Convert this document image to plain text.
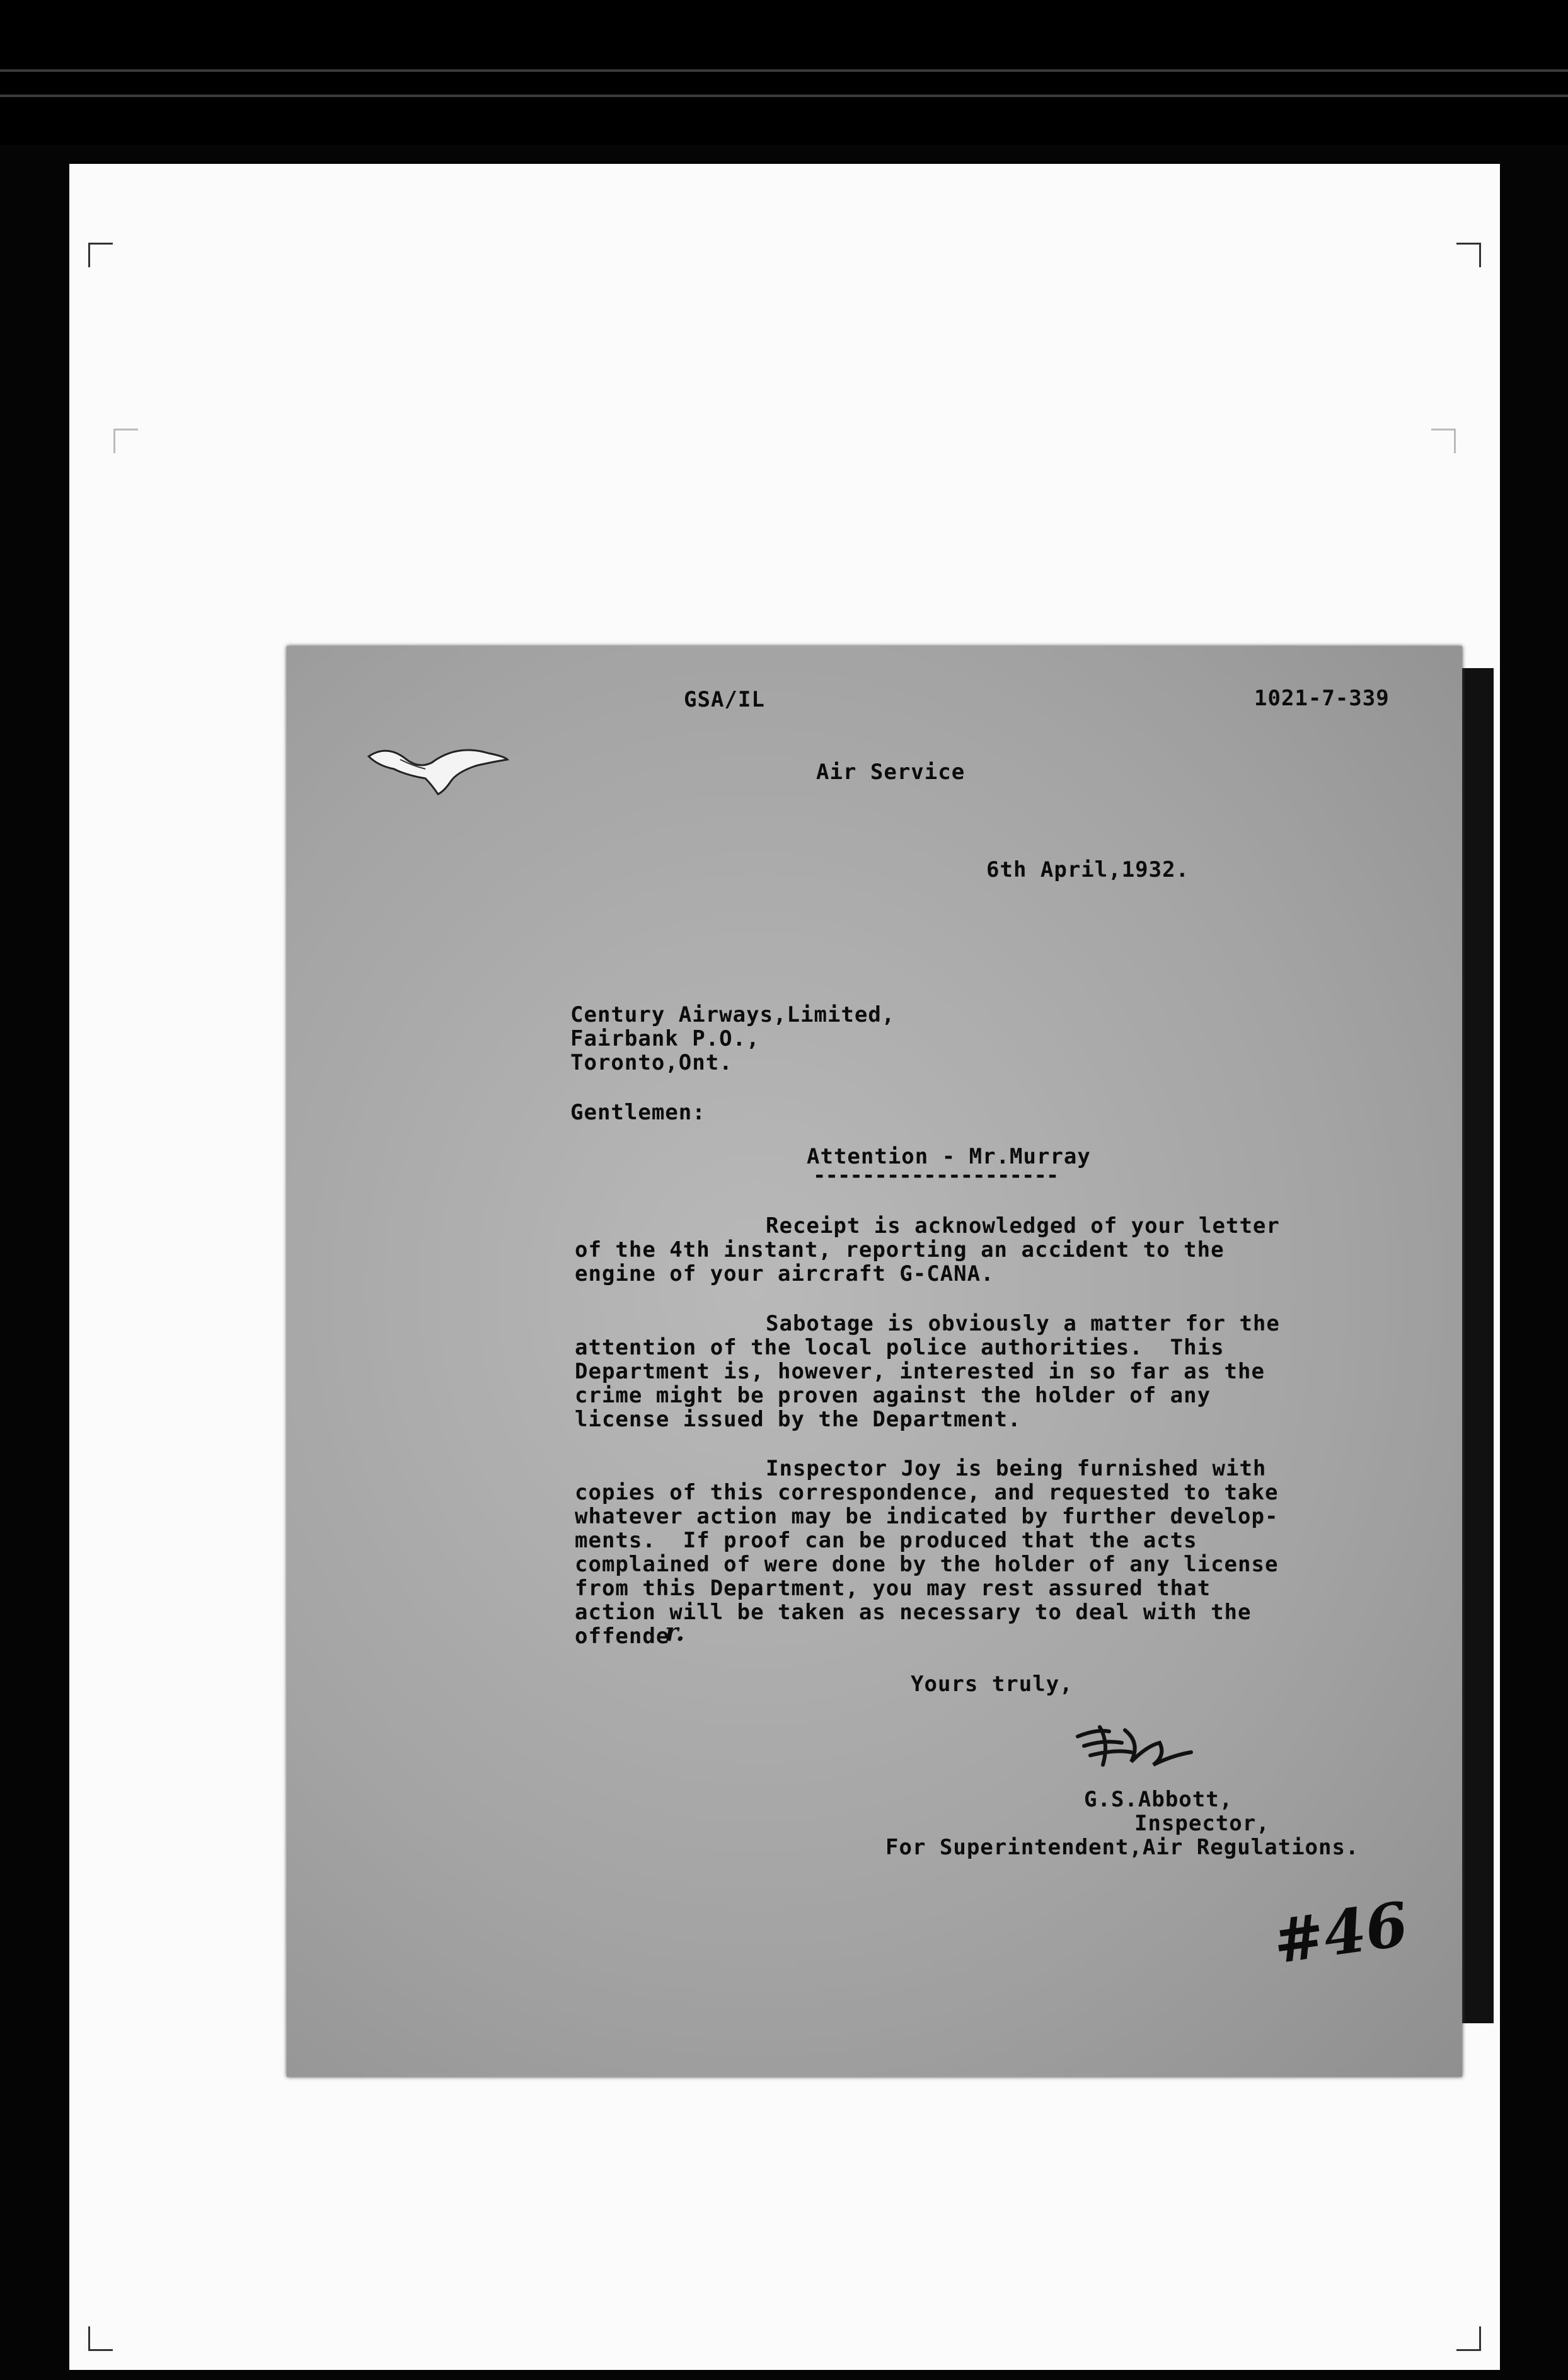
GSA/IL	1021-7-339
Air Service
6th April,1932.
Century Airways,Limited,
Fairbank P.O.,
Toronto,Ont.
Gentlemen:
Attention - Mr.Murray
--------------------
Receipt is acknowledged of your letter
of the 4th instant, reporting an accident to the
engine of your aircraft G-CANA.
Sabotage is obviously a matter for the
attention of the local police authorities.  This
Department is, however, interested in so far as the
crime might be proven against the holder of any
license issued by the Department.
Inspector Joy is being furnished with
copies of this correspondence, and requested to take
whatever action may be indicated by further develop-
ments.  If proof can be produced that the acts
complained of were done by the holder of any license
from this Department, you may rest assured that
action will be taken as necessary to deal with the
offende
r.
Yours truly,
G.S.Abbott,
Inspector,
For Superintendent,Air Regulations.
#46
